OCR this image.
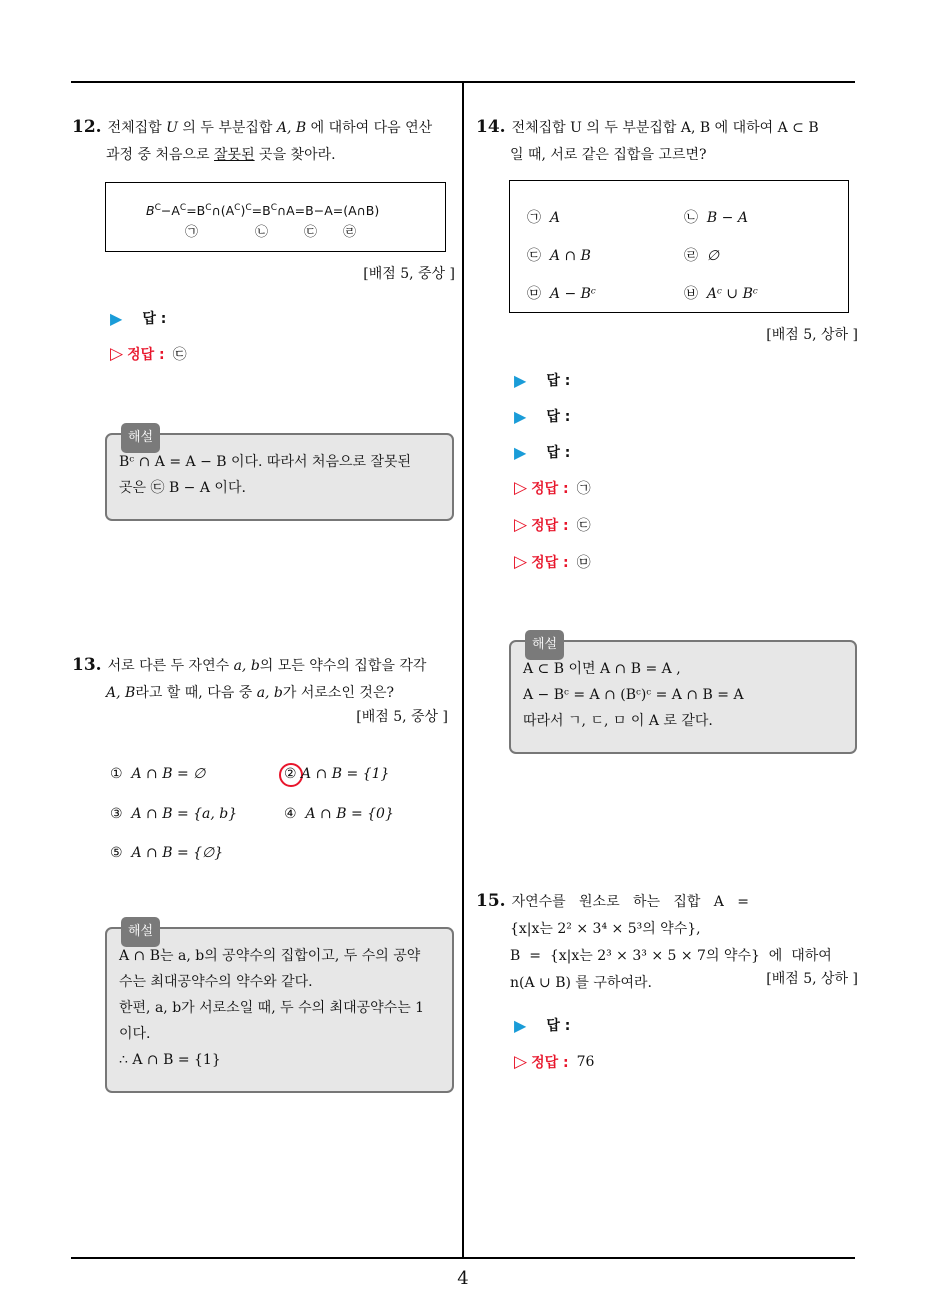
12. 전체집합 U 의 두 부분집합 A, B 에 대하여 다음 연산
과정 중 처음으로 잘못된 곳을 찾아라.
$B^C-A^C=B^C\cap(A^C)^C=B^C\cap A=B-A=(A\cap B)$
㉠	㉡	㉢ ㉣
[배점 5, 중상 ]
▶ 답 :
▷ 정답 : ㉢
해설
Bᶜ ∩ A = A − B 이다. 따라서 처음으로 잘못된
곳은 ㉢ B − A 이다.
13. 서로 다른 두 자연수 a, b의 모든 약수의 집합을 각각
A, B라고 할 때, 다음 중 a, b가 서로소인 것은?
[배점 5, 중상 ]
① A ∩ B = ∅	② A ∩ B = {1}
③ A ∩ B = {a, b}	④ A ∩ B = {0}
⑤ A ∩ B = {∅}
해설
A ∩ B는 a, b의 공약수의 집합이고, 두 수의 공약
수는 최대공약수의 약수와 같다.
한편, a, b가 서로소일 때, 두 수의 최대공약수는 1
이다.
∴ A ∩ B = {1}
14. 전체집합 U 의 두 부분집합 A, B 에 대하여 A ⊂ B
일 때, 서로 같은 집합을 고르면?
㉠ A	㉡ B − A
㉢ A ∩ B	㉣ ∅
㉤ A − Bᶜ	㉥ Aᶜ ∪ Bᶜ
[배점 5, 상하 ]
▶ 답 :
▶ 답 :
▶ 답 :
▷ 정답 : ㉠
▷ 정답 : ㉢
▷ 정답 : ㉤
해설
A ⊂ B 이면 A ∩ B = A ,
A − Bᶜ = A ∩ (Bᶜ)ᶜ = A ∩ B = A
따라서 ㄱ, ㄷ, ㅁ 이 A 로 같다.
15. 자연수를   원소로   하는   집합   A   =
{x|x는 2² × 3⁴ × 5³의 약수},
B  =  {x|x는 2³ × 3³ × 5 × 7의 약수}  에  대하여
n(A ∪ B) 를 구하여라.	[배점 5, 상하 ]
▶ 답 :
▷ 정답 : 76
4
